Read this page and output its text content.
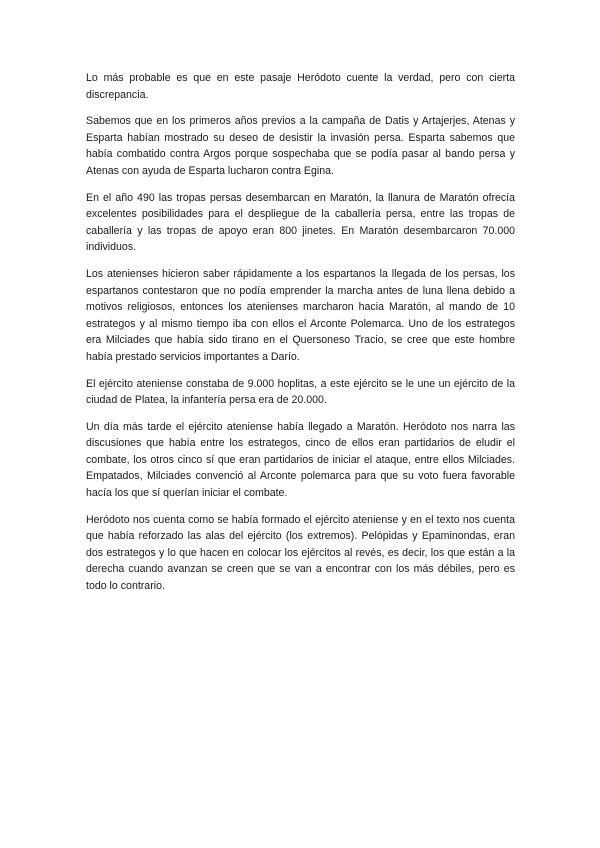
Lo más probable es que en este pasaje Heródoto cuente la verdad, pero con cierta discrepancia.

Sabemos que en los primeros años previos a la campaña de Datis y Artajerjes, Atenas y Esparta habían mostrado su deseo de desistir la invasión persa. Esparta sabemos que había combatido contra Argos porque sospechaba que se podía pasar al bando persa y Atenas con ayuda de Esparta lucharon contra Egina.

En el año 490 las tropas persas desembarcan en Maratón, la llanura de Maratón ofrecía excelentes posibilidades para el despliegue de la caballería persa, entre las tropas de caballería y las tropas de apoyo eran 800 jinetes. En Maratón desembarcaron 70.000 individuos.

Los atenienses hicieron saber rápidamente a los espartanos la llegada de los persas, los espartanos contestaron que no podía emprender la marcha antes de luna llena debido a motivos religiosos, entonces los atenienses marcharon hacia Maratón, al mando de 10 estrategos y al mismo tiempo iba con ellos el Arconte Polemarca. Uno de los estrategos era Milciades que había sido tirano en el Quersoneso Tracio, se cree que este hombre había prestado servicios importantes a Darío.

El ejército ateniense constaba de 9.000 hoplitas, a este ejército se le une un ejército de la ciudad de Platea, la infantería persa era de 20.000.

Un día más tarde el ejército ateniense había llegado a Maratón. Heródoto nos narra las discusiones que había entre los estrategos, cinco de ellos eran partidarios de eludir el combate, los otros cinco sí que eran partidarios de iniciar el ataque, entre ellos Milciades. Empatados, Milciades convenció al Arconte polemarca para que su voto fuera favorable hacía los que sí querían iniciar el combate.

Heródoto nos cuenta como se había formado el ejército ateniense y en el texto nos cuenta que había reforzado las alas del ejército (los extremos). Pelópidas y Epaminondas, eran dos estrategos y lo que hacen en colocar los ejércitos al revés, es decir, los que están a la derecha cuando avanzan se creen que se van a encontrar con los más débiles, pero es todo lo contrario.
